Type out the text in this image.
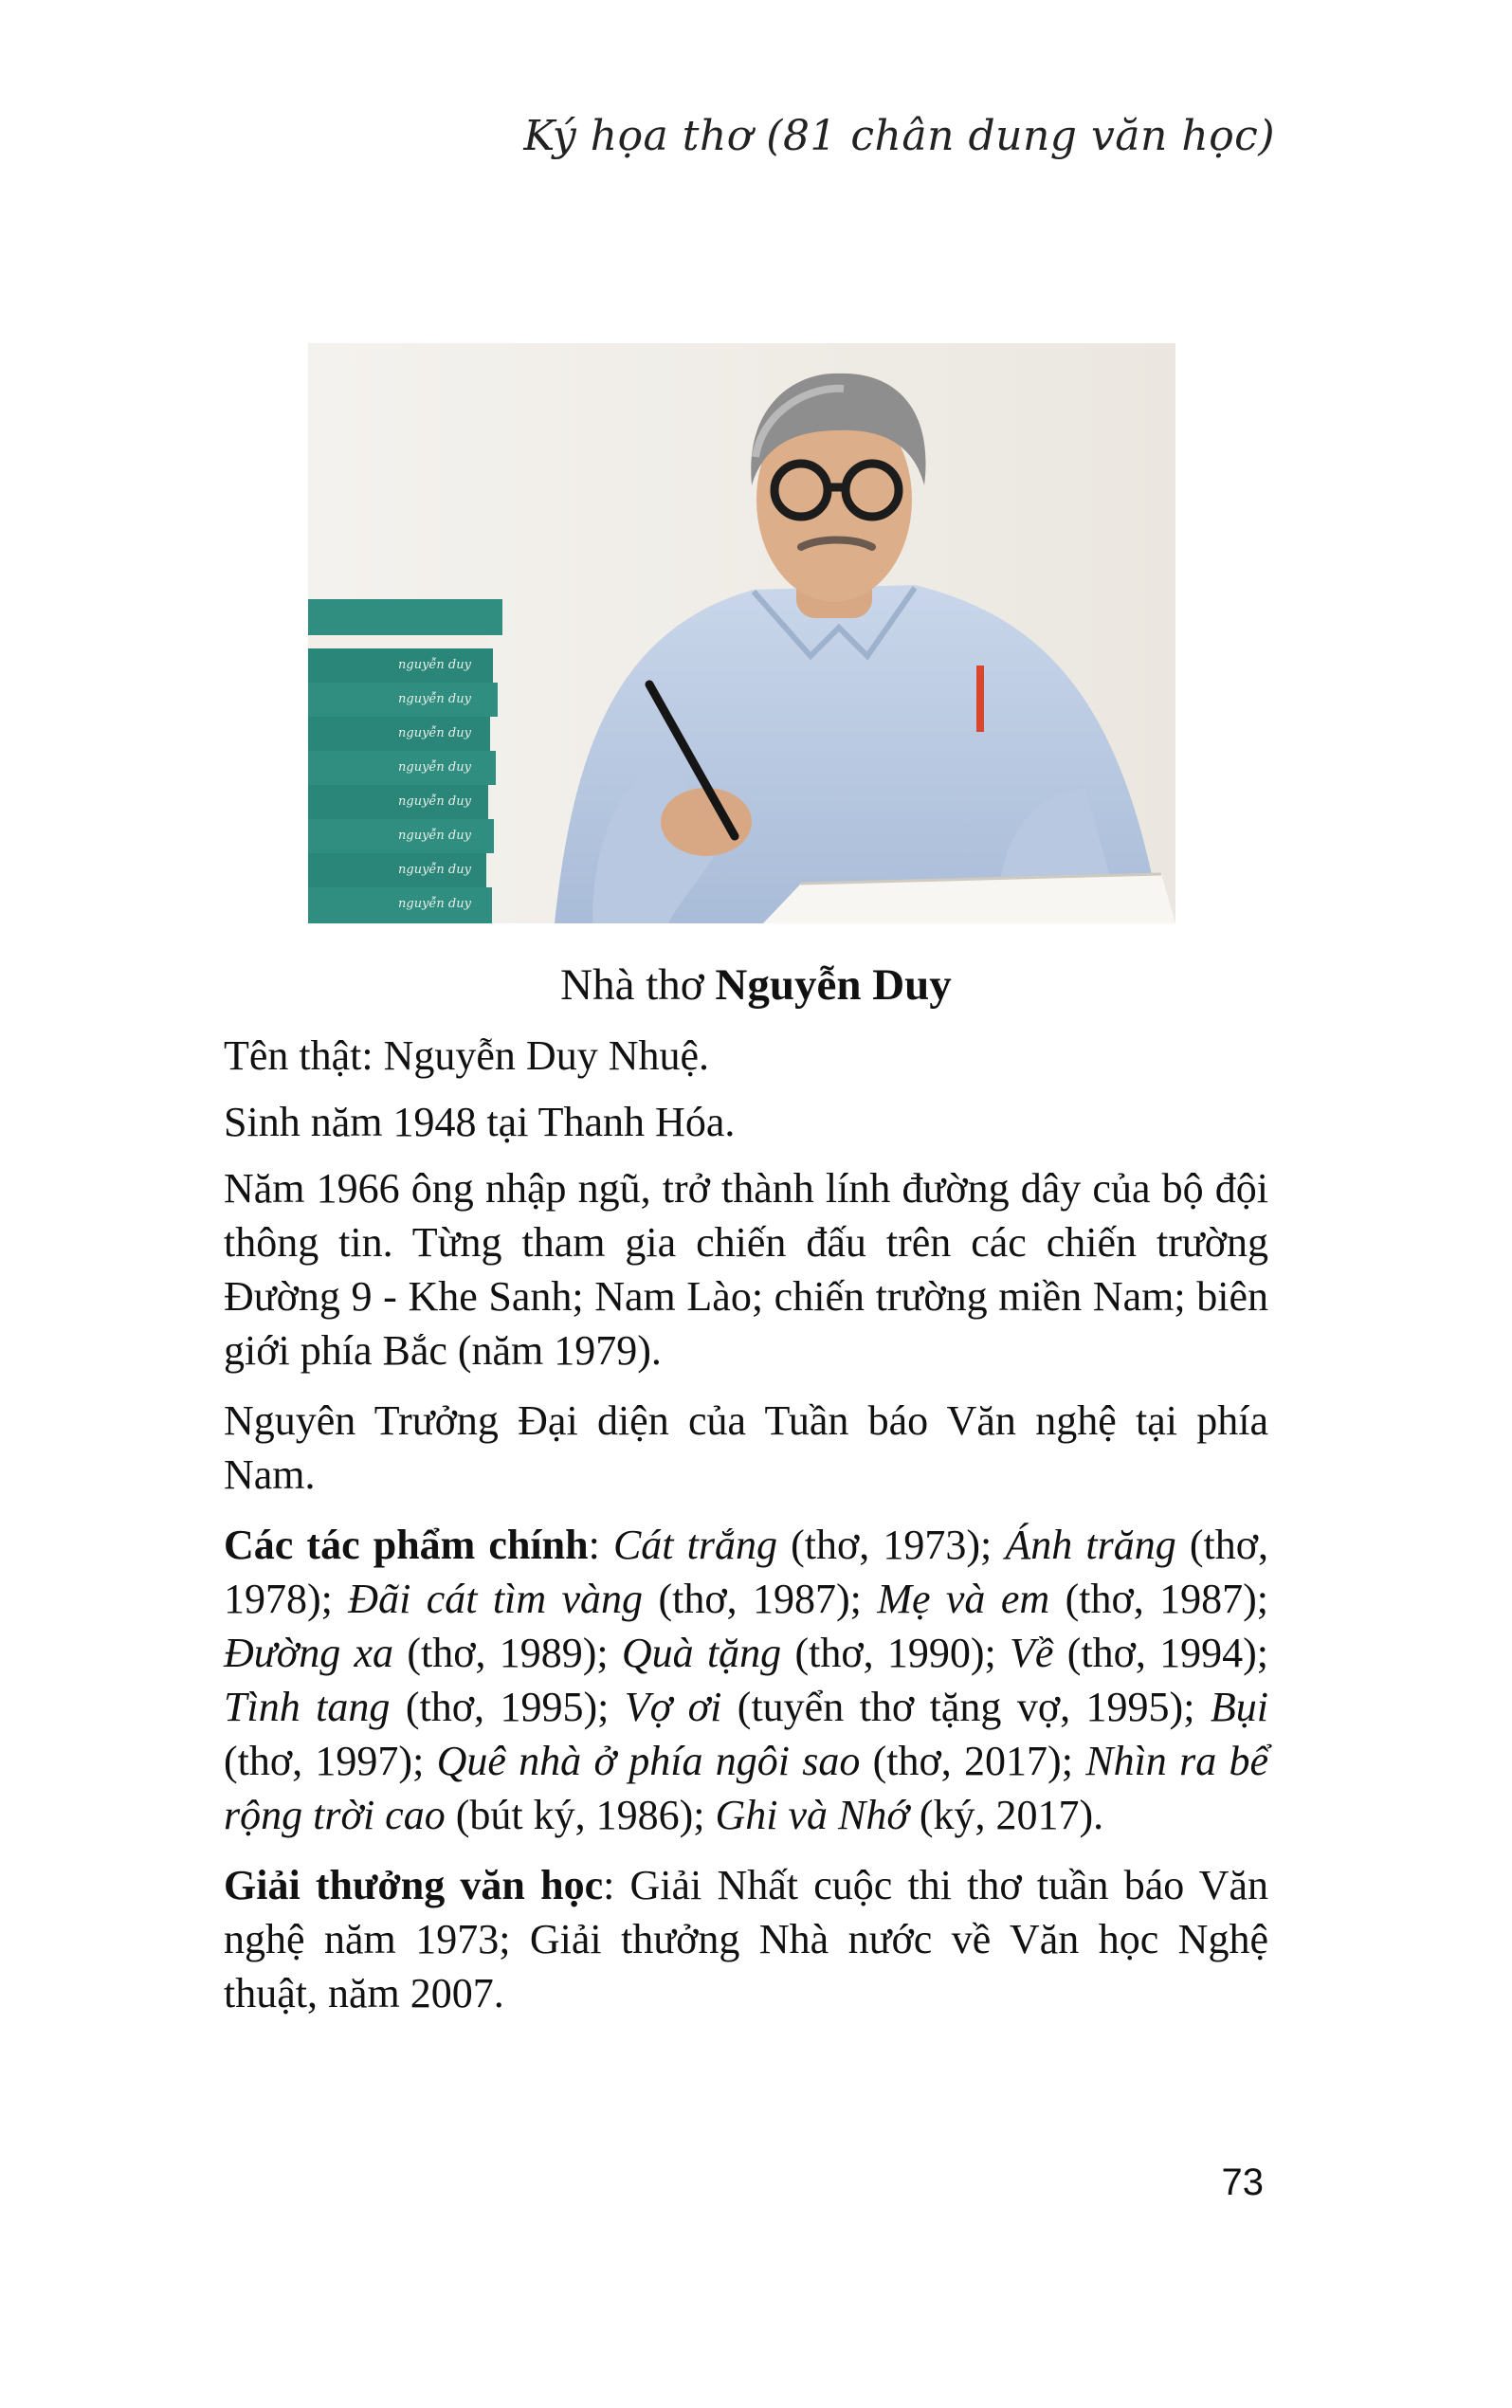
Ký họa thơ (81 chân dung văn học)
nguyễn duy
nguyễn duy
nguyễn duy
nguyễn duy
nguyễn duy
nguyễn duy
nguyễn duy
nguyễn duy
Nhà thơ Nguyễn Duy

Tên thật: Nguyễn Duy Nhuệ.

Sinh năm 1948 tại Thanh Hóa.

Năm 1966 ông nhập ngũ, trở thành lính đường dây của bộ đội thông tin. Từng tham gia chiến đấu trên các chiến trường Đường 9 - Khe Sanh; Nam Lào; chiến trường miền Nam; biên giới phía Bắc (năm 1979).

Nguyên Trưởng Đại diện của Tuần báo Văn nghệ tại phía Nam.

Các tác phẩm chính: Cát trắng (thơ, 1973); Ánh trăng (thơ, 1978); Đãi cát tìm vàng (thơ, 1987); Mẹ và em (thơ, 1987); Đường xa (thơ, 1989); Quà tặng (thơ, 1990); Về (thơ, 1994); Tình tang (thơ, 1995); Vợ ơi (tuyển thơ tặng vợ, 1995); Bụi (thơ, 1997); Quê nhà ở phía ngôi sao (thơ, 2017); Nhìn ra bể rộng trời cao (bút ký, 1986); Ghi và Nhớ (ký, 2017).

Giải thưởng văn học: Giải Nhất cuộc thi thơ tuần báo Văn nghệ năm 1973; Giải thưởng Nhà nước về Văn học Nghệ thuật, năm 2007.

73
